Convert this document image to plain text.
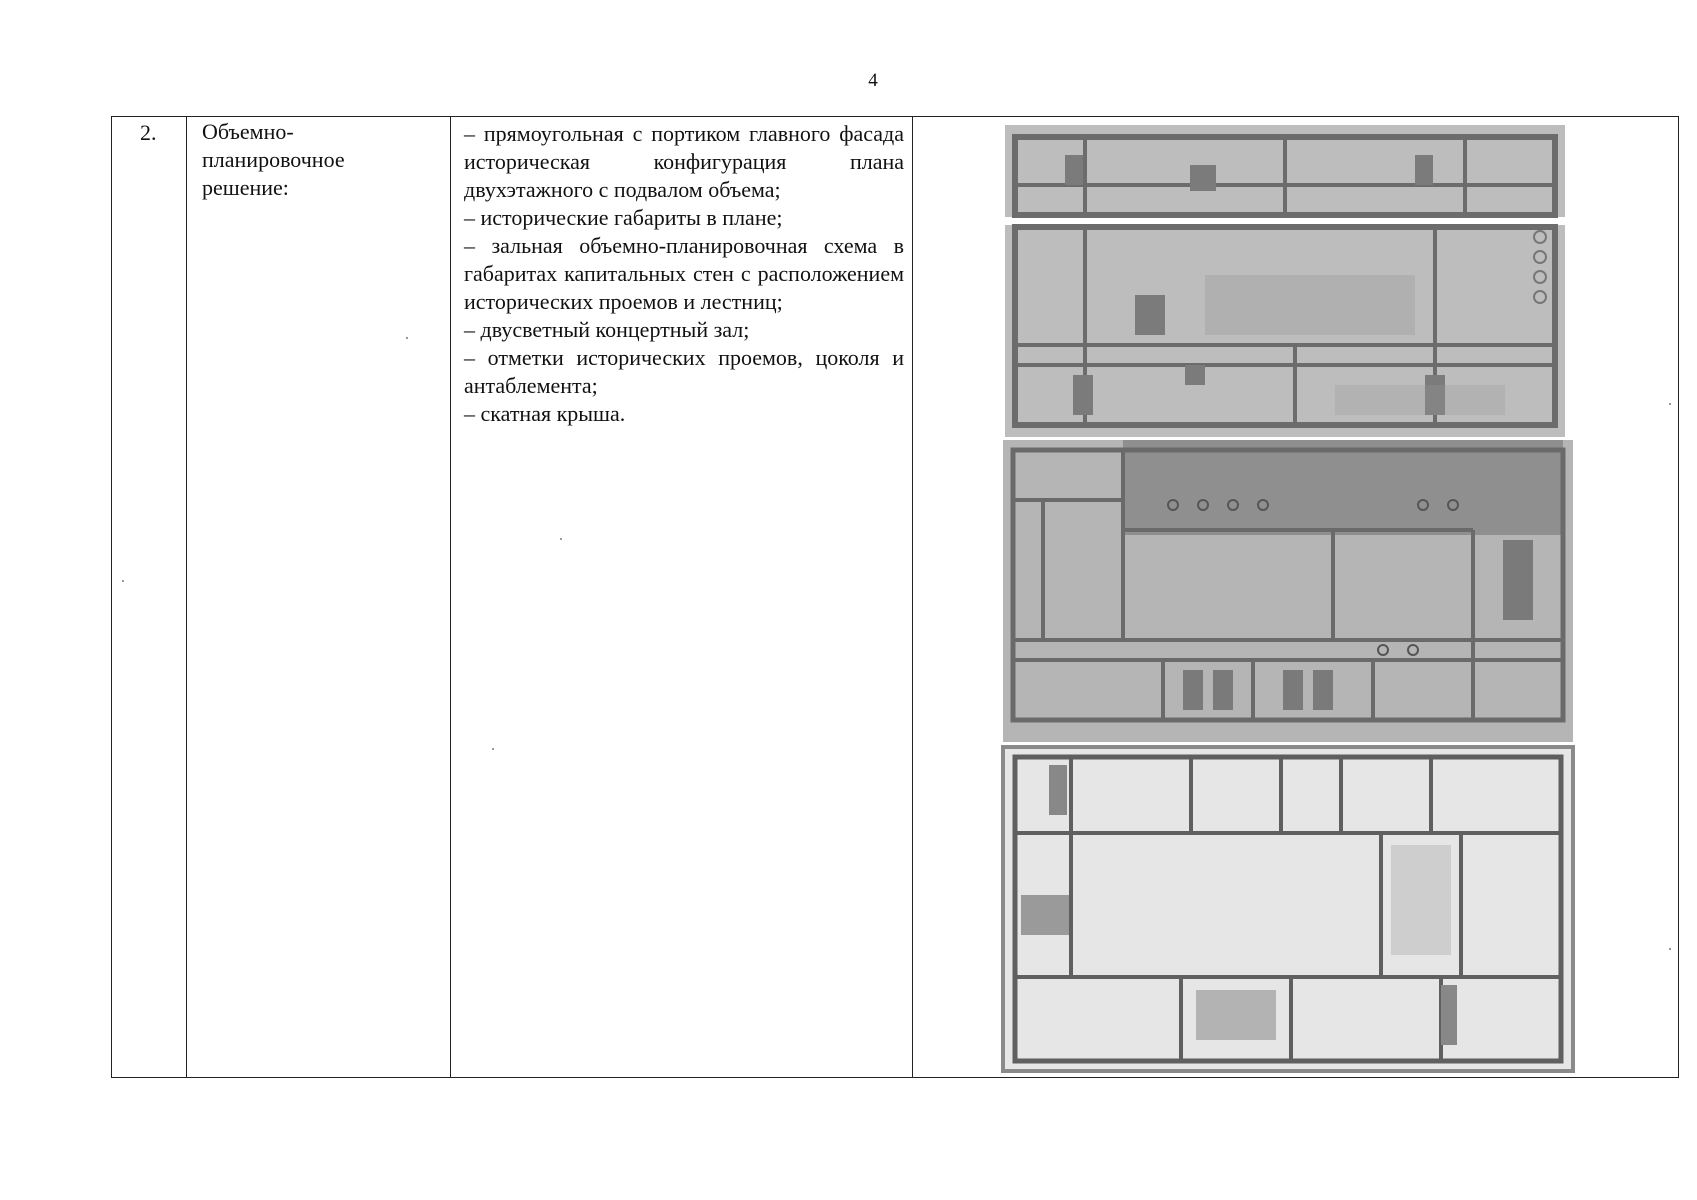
4
2. Объемно-
планировочное
решение:
– прямоугольная с портиком главного фасада историческая конфигурация плана двухэтажного с подвалом объема;
– исторические габариты в плане;
– зальная объемно-планировочная схема в габаритах капитальных стен с расположением исторических проемов и лестниц;
– двусветный концертный зал;
– отметки исторических проемов, цоколя и антаблемента;
– скатная крыша.
